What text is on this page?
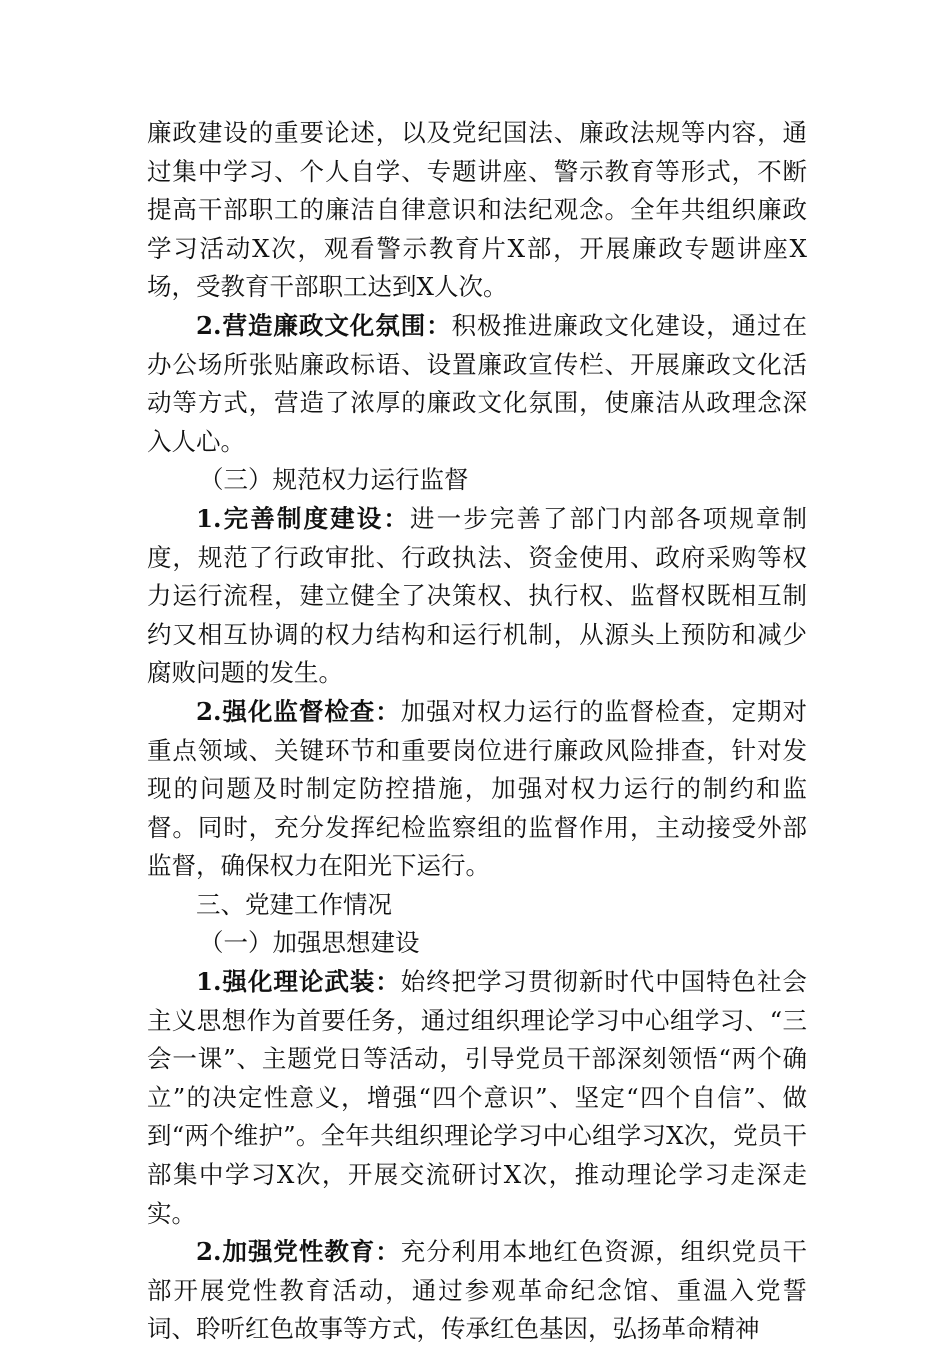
廉政建设的重要论述，以及党纪国法、廉政法规等内容，通过集中学习、个人自学、专题讲座、警示教育等形式，不断提高干部职工的廉洁自律意识和法纪观念。全年共组织廉政学习活动X次，观看警示教育片X部，开展廉政专题讲座X场，受教育干部职工达到X人次。

2.营造廉政文化氛围：积极推进廉政文化建设，通过在办公场所张贴廉政标语、设置廉政宣传栏、开展廉政文化活动等方式，营造了浓厚的廉政文化氛围，使廉洁从政理念深入人心。

（三）规范权力运行监督

1.完善制度建设：进一步完善了部门内部各项规章制度，规范了行政审批、行政执法、资金使用、政府采购等权力运行流程，建立健全了决策权、执行权、监督权既相互制约又相互协调的权力结构和运行机制，从源头上预防和减少腐败问题的发生。

2.强化监督检查：加强对权力运行的监督检查，定期对重点领域、关键环节和重要岗位进行廉政风险排查，针对发现的问题及时制定防控措施，加强对权力运行的制约和监督。同时，充分发挥纪检监察组的监督作用，主动接受外部监督，确保权力在阳光下运行。

三、党建工作情况

（一）加强思想建设

1.强化理论武装：始终把学习贯彻新时代中国特色社会主义思想作为首要任务，通过组织理论学习中心组学习、“三会一课”、主题党日等活动，引导党员干部深刻领悟“两个确立”的决定性意义，增强“四个意识”、坚定“四个自信”、做到“两个维护”。全年共组织理论学习中心组学习X次，党员干部集中学习X次，开展交流研讨X次，推动理论学习走深走实。

2.加强党性教育：充分利用本地红色资源，组织党员干部开展党性教育活动，通过参观革命纪念馆、重温入党誓词、聆听红色故事等方式，传承红色基因，弘扬革命精神
